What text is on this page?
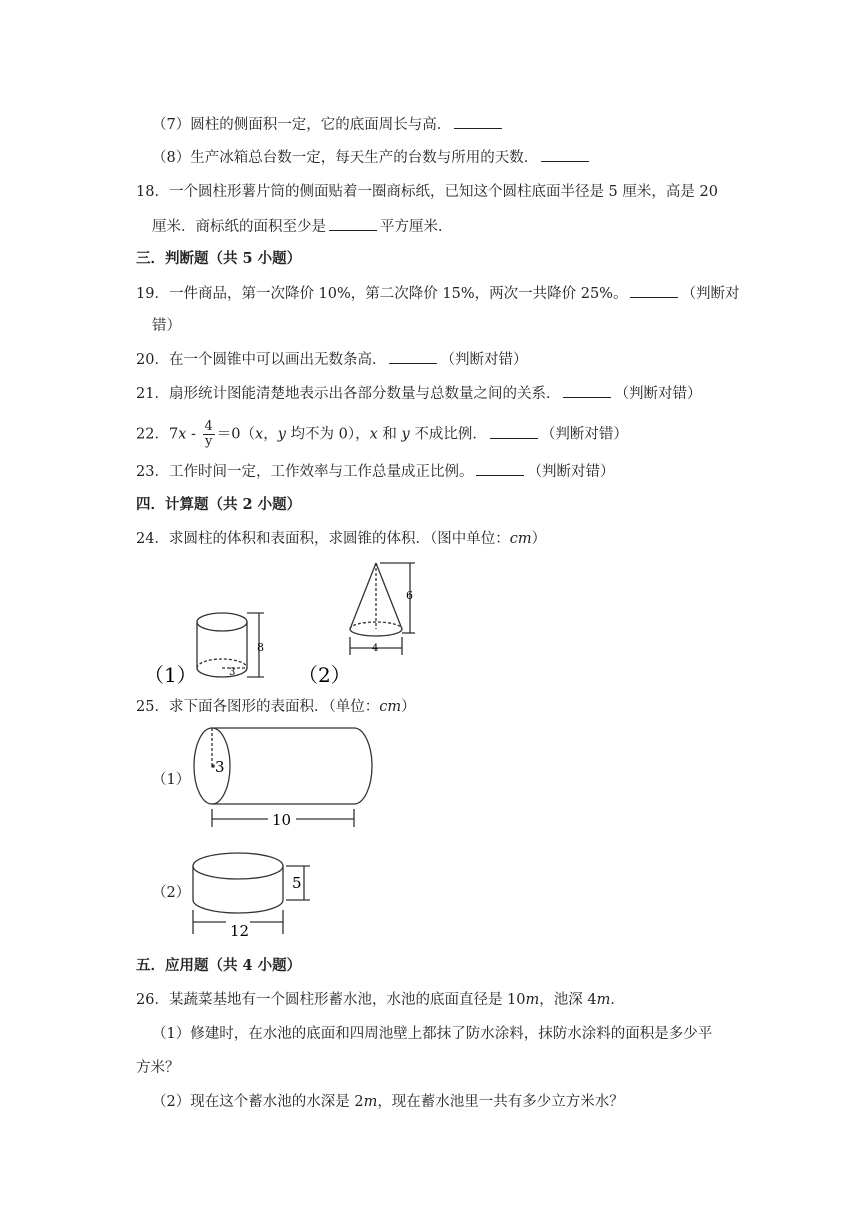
（7）圆柱的侧面积一定，它的底面周长与高．
（8）生产冰箱总台数一定，每天生产的台数与所用的天数．
18．一个圆柱形薯片筒的侧面贴着一圈商标纸，已知这个圆柱底面半径是 5 厘米，高是 20
厘米．商标纸的面积至少是	平方厘米．
三．判断题（共 5 小题）
19．一件商品，第一次降价 10%，第二次降价 15%，两次一共降价 25%。	（判断对
错）
20．在一个圆锥中可以画出无数条高．	（判断对错）
21．扇形统计图能清楚地表示出各部分数量与总数量之间的关系．	（判断对错）
22．$7x - \frac{4}{y} =0(x$，y 均不为 0），x 和 y 不成比例．	（判断对错）
23．工作时间一定，工作效率与工作总量成正比例。	（判断对错）
四．计算题（共 2 小题）
24．求圆柱的体积和表面积，求圆锥的体积．（图中单位：cm）
8
3
（1）
6
4
（2）
25．求下面各图形的表面积．（单位：cm）
（1）
3
10
（2）
5
12
五．应用题（共 4 小题）
26．某蔬菜基地有一个圆柱形蓄水池，水池的底面直径是 10m，池深 4m．
（1）修建时，在水池的底面和四周池壁上都抹了防水涂料，抹防水涂料的面积是多少平
方米？
（2）现在这个蓄水池的水深是 2m，现在蓄水池里一共有多少立方米水？
